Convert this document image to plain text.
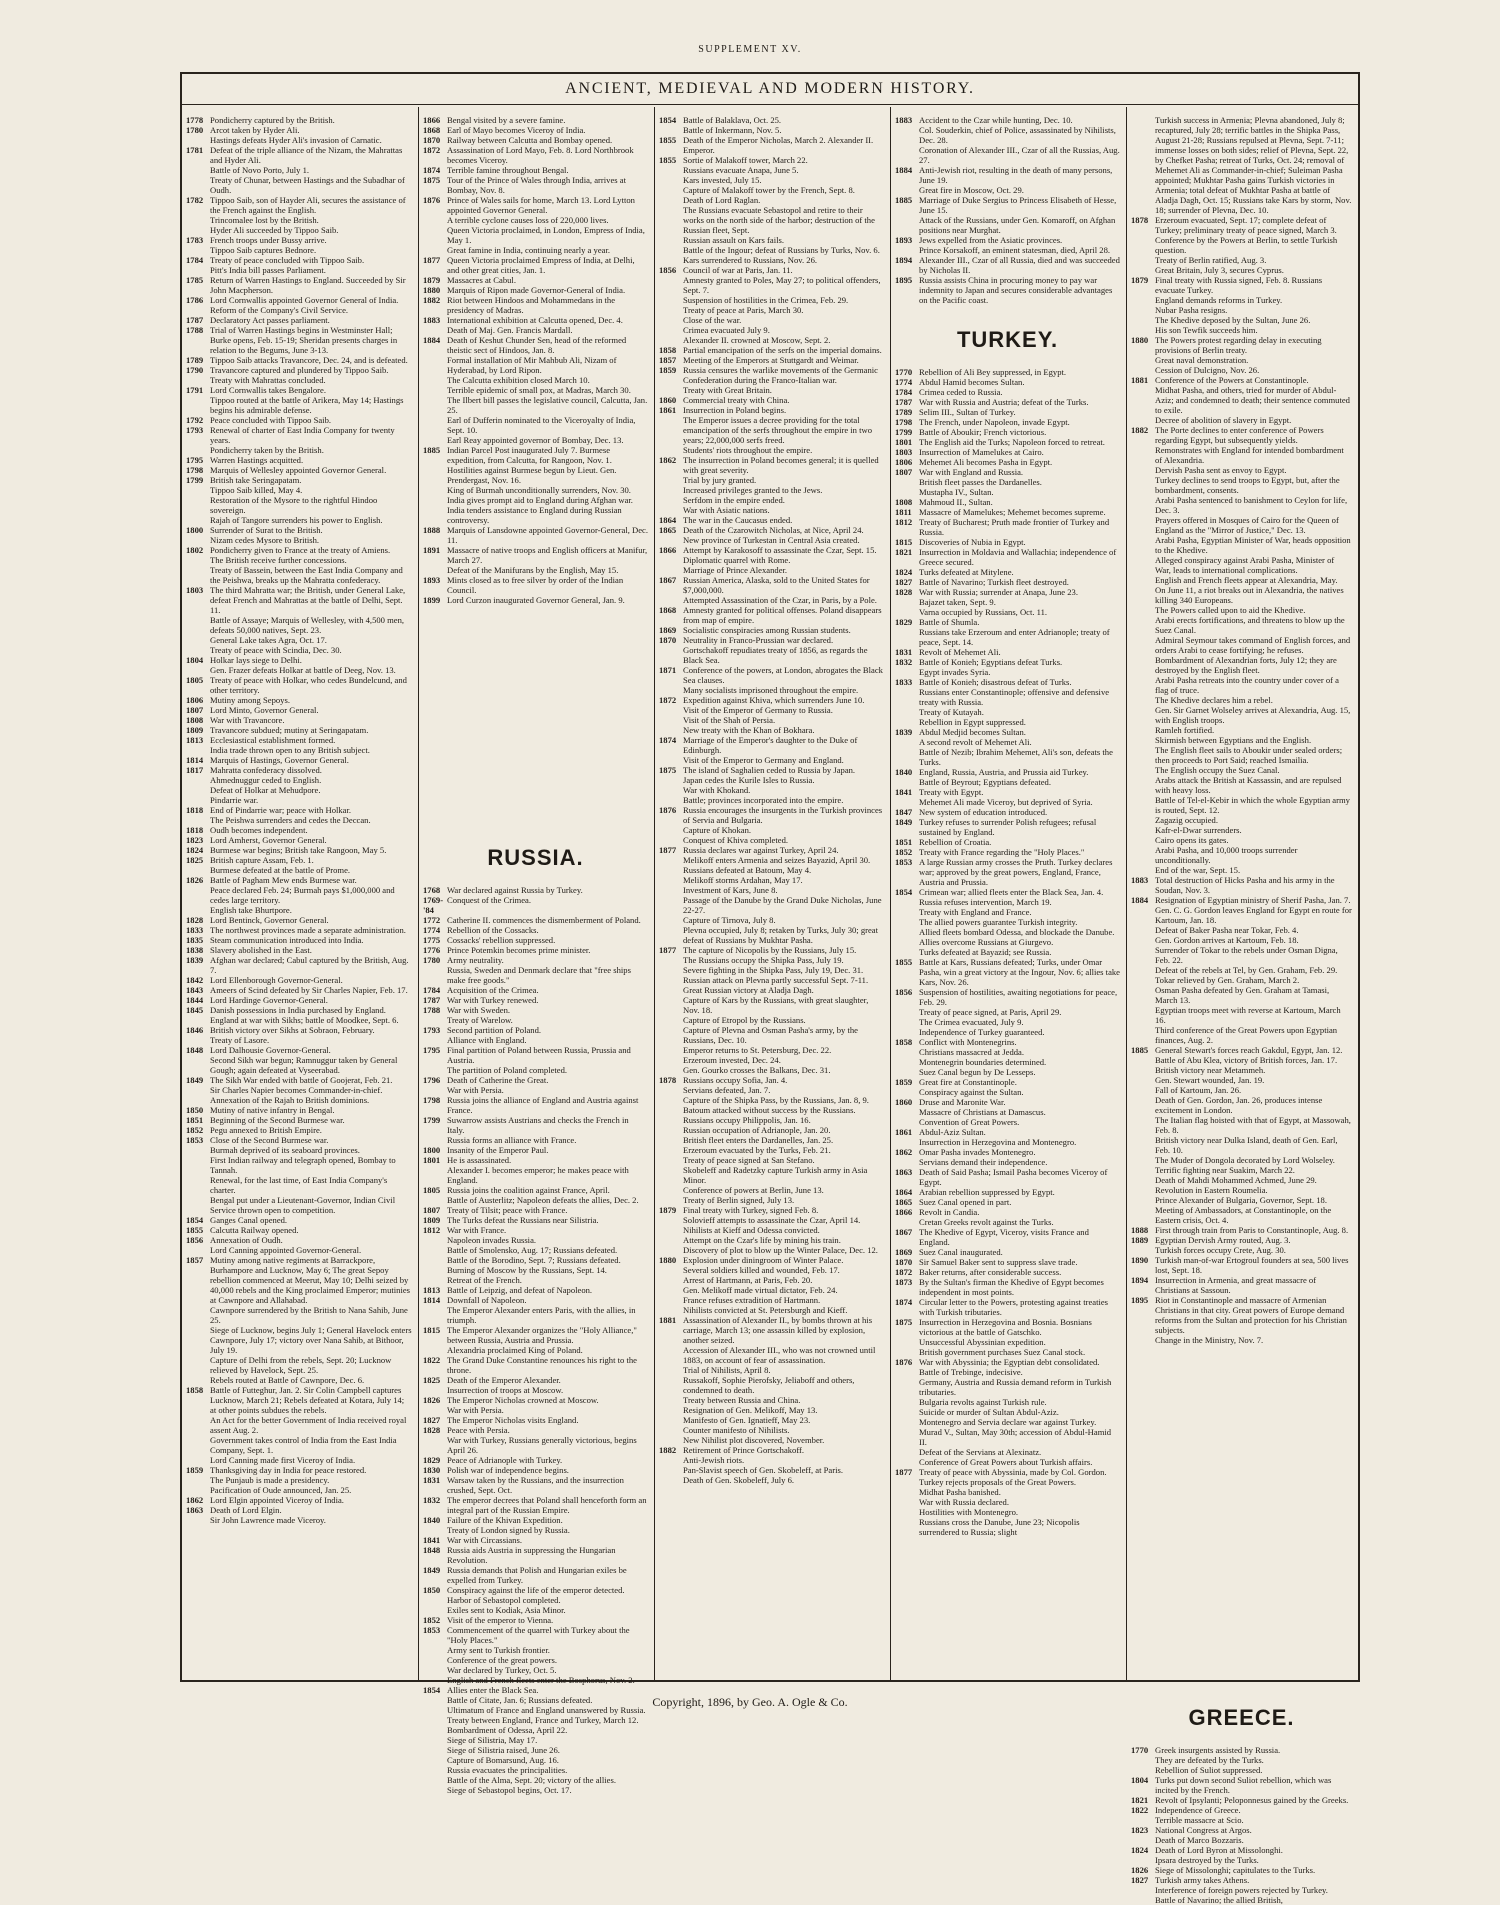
SUPPLEMENT XV.
ANCIENT, MEDIEVAL AND MODERN HISTORY.
1778 Pondicherry captured by the British.
1780 Arcot taken by Hyder Ali.
Hastings defeats Hyder Ali's invasion of Carnatic.
1781 Defeat of the triple alliance of the Nizam, the Mahrattas and Hyder Ali.
Battle of Novo Porto, July 1.
Treaty of Chunar, between Hastings and the Subadhar of Oudh.
1782 Tippoo Saib, son of Hayder Ali, secures the assistance of the French against the English.
Trincomalee lost by the British.
Hyder Ali succeeded by Tippoo Saib.
1783 French troops under Bussy arrive.
Tippoo Saib captures Bednore.
1784 Treaty of peace concluded with Tippoo Saib.
Pitt's India bill passes Parliament.
1785 Return of Warren Hastings to England. Succeeded by Sir John Macpherson.
1786 Lord Cornwallis appointed Governor General of India.
Reform of the Company's Civil Service.
1787 Declaratory Act passes parliament.
1788 Trial of Warren Hastings begins in Westminster Hall; Burke opens, Feb. 15-19; Sheridan presents charges in relation to the Begums, June 3-13.
1789 Tippoo Saib attacks Travancore, Dec. 24, and is defeated.
1790 Travancore captured and plundered by Tippoo Saib.
Treaty with Mahrattas concluded.
1791 Lord Cornwallis takes Bengalore.
Tippoo routed at the battle of Arikera, May 14; Hastings begins his admirable defense.
1792 Peace concluded with Tippoo Saib.
1793 Renewal of charter of East India Company for twenty years.
Pondicherry taken by the British.
1795 Warren Hastings acquitted.
1798 Marquis of Wellesley appointed Governor General.
1799 British take Seringapatam.
Tippoo Saib killed, May 4.
Restoration of the Mysore to the rightful Hindoo sovereign.
Rajah of Tangore surrenders his power to English.
1800 Surrender of Surat to the British.
Nizam cedes Mysore to British.
1802 Pondicherry given to France at the treaty of Amiens.
The British receive further concessions.
Treaty of Bassein, between the East India Company and the Peishwa, breaks up the Mahratta confederacy.
1803 The third Mahratta war; the British, under General Lake, defeat French and Mahrattas at the battle of Delhi, Sept. 11.
Battle of Assaye; Marquis of Wellesley, with 4,500 men, defeats 50,000 natives, Sept. 23.
General Lake takes Agra, Oct. 17.
Treaty of peace with Scindia, Dec. 30.
1804 Holkar lays siege to Delhi.
Gen. Frazer defeats Holkar at battle of Deeg, Nov. 13.
1805 Treaty of peace with Holkar, who cedes Bundelcund, and other territory.
1806 Mutiny among Sepoys.
1807 Lord Minto, Governor General.
1808 War with Travancore.
1809 Travancore subdued; mutiny at Seringapatam.
1813 Ecclesiastical establishment formed.
India trade thrown open to any British subject.
1814 Marquis of Hastings, Governor General.
1817 Mahratta confederacy dissolved.
Ahmednuggur ceded to English.
Defeat of Holkar at Mehudpore.
Pindarrie war.
1818 End of Pindarrie war; peace with Holkar.
The Peishwa surrenders and cedes the Deccan.
1818 Oudh becomes independent.
1823 Lord Amherst, Governor General.
1824 Burmese war begins; British take Rangoon, May 5.
1825 British capture Assam, Feb. 1.
Burmese defeated at the battle of Prome.
1826 Battle of Pagham Mew ends Burmese war.
Peace declared Feb. 24; Burmah pays $1,000,000 and cedes large territory.
English take Bhurtpore.
1828 Lord Bentinck, Governor General.
1833 The northwest provinces made a separate administration.
1835 Steam communication introduced into India.
1838 Slavery abolished in the East.
1839 Afghan war declared; Cabul captured by the British, Aug. 7.
1842 Lord Ellenborough Governor-General.
1843 Ameers of Scind defeated by Sir Charles Napier, Feb. 17.
1844 Lord Hardinge Governor-General.
1845 Danish possessions in India purchased by England.
England at war with Sikhs; battle of Moodkee, Sept. 6.
1846 British victory over Sikhs at Sobraon, February.
Treaty of Lasore.
1848 Lord Dalhousie Governor-General.
Second Sikh war begun; Ramnuggur taken by General Gough; again defeated at Vyseerabad.
1849 The Sikh War ended with battle of Goojerat, Feb. 21.
Sir Charles Napier becomes Commander-in-chief.
Annexation of the Rajah to British dominions.
1850 Mutiny of native infantry in Bengal.
1851 Beginning of the Second Burmese war.
1852 Pegu annexed to British Empire.
1853 Close of the Second Burmese war.
Burmah deprived of its seaboard provinces.
First Indian railway and telegraph opened, Bombay to Tannah.
Renewal, for the last time, of East India Company's charter.
Bengal put under a Lieutenant-Governor, Indian Civil Service thrown open to competition.
1854 Ganges Canal opened.
1855 Calcutta Railway opened.
1856 Annexation of Oudh.
Lord Canning appointed Governor-General.
1857 Mutiny among native regiments at Barrackpore, Burhampore and Lucknow, May 6; The great Sepoy rebellion commenced at Meerut, May 10; Delhi seized by 40,000 rebels and the King proclaimed Emperor; mutinies at Cawnpore and Allahabad.
Cawnpore surrendered by the British to Nana Sahib, June 25.
Siege of Lucknow, begins July 1; General Havelock enters Cawnpore, July 17; victory over Nana Sahib, at Bithoor, July 19.
Capture of Delhi from the rebels, Sept. 20; Lucknow relieved by Havelock, Sept. 25.
Rebels routed at Battle of Cawnpore, Dec. 6.
1858 Battle of Futteghur, Jan. 2. Sir Colin Campbell captures Lucknow, March 21; Rebels defeated at Kotara, July 14; at other points subdues the rebels.
An Act for the better Government of India received royal assent Aug. 2.
Government takes control of India from the East India Company, Sept. 1.
Lord Canning made first Viceroy of India.
1859 Thanksgiving day in India for peace restored.
The Punjaub is made a presidency.
Pacification of Oude announced, Jan. 25.
1862 Lord Elgin appointed Viceroy of India.
1863 Death of Lord Elgin.
Sir John Lawrence made Viceroy.
1866 Bengal visited by a severe famine.
1868 Earl of Mayo becomes Viceroy of India.
1870 Railway between Calcutta and Bombay opened.
1872 Assassination of Lord Mayo, Feb. 8. Lord Northbrook becomes Viceroy.
1874 Terrible famine throughout Bengal.
1875 Tour of the Prince of Wales through India, arrives at Bombay, Nov. 8.
1876 Prince of Wales sails for home, March 13. Lord Lytton appointed Governor General.
A terrible cyclone causes loss of 220,000 lives.
Queen Victoria proclaimed, in London, Empress of India, May 1.
Great famine in India, continuing nearly a year.
1877 Queen Victoria proclaimed Empress of India, at Delhi, and other great cities, Jan. 1.
1879 Massacres at Cabul.
1880 Marquis of Ripon made Governor-General of India.
1882 Riot between Hindoos and Mohammedans in the presidency of Madras.
1883 International exhibition at Calcutta opened, Dec. 4.
Death of Maj. Gen. Francis Mardall.
1884 Death of Keshut Chunder Sen, head of the reformed theistic sect of Hindoos, Jan. 8.
Formal installation of Mir Mahbub Ali, Nizam of Hyderabad, by Lord Ripon.
The Calcutta exhibition closed March 10.
Terrible epidemic of small pox, at Madras, March 30.
The Ilbert bill passes the legislative council, Calcutta, Jan. 25.
Earl of Dufferin nominated to the Viceroyalty of India, Sept. 10.
Earl Reay appointed governor of Bombay, Dec. 13.
1885 Indian Parcel Post inaugurated July 7. Burmese expedition, from Calcutta, for Rangoon, Nov. 1.
Hostilities against Burmese begun by Lieut. Gen. Prendergast, Nov. 16.
King of Burmah unconditionally surrenders, Nov. 30.
India gives prompt aid to England during Afghan war.
India tenders assistance to England during Russian controversy.
1888 Marquis of Lansdowne appointed Governor-General, Dec. 11.
1891 Massacre of native troops and English officers at Manifur, March 27.
Defeat of the Manifurans by the English, May 15.
1893 Mints closed as to free silver by order of the Indian Council.
1899 Lord Curzon inaugurated Governor General, Jan. 9.
RUSSIA.
1768 War declared against Russia by Turkey.
1769-'84
Conquest of the Crimea.
1772 Catherine II. commences the dismemberment of Poland.
1774 Rebellion of the Cossacks.
1775 Cossacks' rebellion suppressed.
1776 Prince Potemkin becomes prime minister.
1780 Army neutrality.
Russia, Sweden and Denmark declare that "free ships make free goods."
1784 Acquisition of the Crimea.
1787 War with Turkey renewed.
1788 War with Sweden.
Treaty of Warelow.
1793 Second partition of Poland.
Alliance with England.
1795 Final partition of Poland between Russia, Prussia and Austria.
The partition of Poland completed.
1796 Death of Catherine the Great.
War with Persia.
1798 Russia joins the alliance of England and Austria against France.
1799 Suwarrow assists Austrians and checks the French in Italy.
Russia forms an alliance with France.
1800 Insanity of the Emperor Paul.
1801 He is assassinated.
Alexander I. becomes emperor; he makes peace with England.
1805 Russia joins the coalition against France, April.
Battle of Austerlitz; Napoleon defeats the allies, Dec. 2.
1807 Treaty of Tilsit; peace with France.
1809 The Turks defeat the Russians near Silistria.
1812 War with France.
Napoleon invades Russia.
Battle of Smolensko, Aug. 17; Russians defeated.
Battle of the Borodino, Sept. 7; Russians defeated.
Burning of Moscow by the Russians, Sept. 14.
Retreat of the French.
1813 Battle of Leipzig, and defeat of Napoleon.
1814 Downfall of Napoleon.
The Emperor Alexander enters Paris, with the allies, in triumph.
1815 The Emperor Alexander organizes the "Holy Alliance," between Russia, Austria and Prussia.
Alexandria proclaimed King of Poland.
1822 The Grand Duke Constantine renounces his right to the throne.
1825 Death of the Emperor Alexander.
Insurrection of troops at Moscow.
1826 The Emperor Nicholas crowned at Moscow.
War with Persia.
1827 The Emperor Nicholas visits England.
1828 Peace with Persia.
War with Turkey, Russians generally victorious, begins April 26.
1829 Peace of Adrianople with Turkey.
1830 Polish war of independence begins.
1831 Warsaw taken by the Russians, and the insurrection crushed, Sept. Oct.
1832 The emperor decrees that Poland shall henceforth form an integral part of the Russian Empire.
1840 Failure of the Khivan Expedition.
Treaty of London signed by Russia.
1841 War with Circassians.
1848 Russia aids Austria in suppressing the Hungarian Revolution.
1849 Russia demands that Polish and Hungarian exiles be expelled from Turkey.
1850 Conspiracy against the life of the emperor detected.
Harbor of Sebastopol completed.
Exiles sent to Kodiak, Asia Minor.
1852 Visit of the emperor to Vienna.
1853 Commencement of the quarrel with Turkey about the "Holy Places."
Army sent to Turkish frontier.
Conference of the great powers.
War declared by Turkey, Oct. 5.
English and French fleets enter the Bosphorus, Nov. 2.
1854 Allies enter the Black Sea.
Battle of Citate, Jan. 6; Russians defeated.
Ultimatum of France and England unanswered by Russia.
Treaty between England, France and Turkey, March 12.
Bombardment of Odessa, April 22.
Siege of Silistria, May 17.
Siege of Silistria raised, June 26.
Capture of Bomarsund, Aug. 16.
Russia evacuates the principalities.
Battle of the Alma, Sept. 20; victory of the allies.
Siege of Sebastopol begins, Oct. 17.
1854 Battle of Balaklava, Oct. 25.
Battle of Inkermann, Nov. 5.
1855 Death of the Emperor Nicholas, March 2. Alexander II. Emperor.
1855 Sortie of Malakoff tower, March 22.
Russians evacuate Anapa, June 5.
Kars invested, July 15.
Capture of Malakoff tower by the French, Sept. 8.
Death of Lord Raglan.
The Russians evacuate Sebastopol and retire to their works on the north side of the harbor; destruction of the Russian fleet, Sept.
Russian assault on Kars fails.
Battle of the Ingour; defeat of Russians by Turks, Nov. 6.
Kars surrendered to Russians, Nov. 26.
1856 Council of war at Paris, Jan. 11.
Amnesty granted to Poles, May 27; to political offenders, Sept. 7.
Suspension of hostilities in the Crimea, Feb. 29.
Treaty of peace at Paris, March 30.
Close of the war.
Crimea evacuated July 9.
Alexander II. crowned at Moscow, Sept. 2.
1858 Partial emancipation of the serfs on the imperial domains.
1857 Meeting of the Emperors at Stuttgardt and Weimar.
1859 Russia censures the warlike movements of the Germanic Confederation during the Franco-Italian war.
Treaty with Great Britain.
1860 Commercial treaty with China.
1861 Insurrection in Poland begins.
The Emperor issues a decree providing for the total emancipation of the serfs throughout the empire in two years; 22,000,000 serfs freed.
Students' riots throughout the empire.
1862 The insurrection in Poland becomes general; it is quelled with great severity.
Trial by jury granted.
Increased privileges granted to the Jews.
Serfdom in the empire ended.
War with Asiatic nations.
1864 The war in the Caucasus ended.
1865 Death of the Czarowitch Nicholas, at Nice, April 24.
New province of Turkestan in Central Asia created.
1866 Attempt by Karakosoff to assassinate the Czar, Sept. 15.
Diplomatic quarrel with Rome.
Marriage of Prince Alexander.
1867 Russian America, Alaska, sold to the United States for $7,000,000.
Attempted Assassination of the Czar, in Paris, by a Pole.
1868 Amnesty granted for political offenses. Poland disappears from map of empire.
1869 Socialistic conspiracies among Russian students.
1870 Neutrality in Franco-Prussian war declared.
Gortschakoff repudiates treaty of 1856, as regards the Black Sea.
1871 Conference of the powers, at London, abrogates the Black Sea clauses.
Many socialists imprisoned throughout the empire.
1872 Expedition against Khiva, which surrenders June 10.
Visit of the Emperor of Germany to Russia.
Visit of the Shah of Persia.
New treaty with the Khan of Bokhara.
1874 Marriage of the Emperor's daughter to the Duke of Edinburgh.
Visit of the Emperor to Germany and England.
1875 The island of Saghalien ceded to Russia by Japan.
Japan cedes the Kurile Isles to Russia.
War with Khokand.
Battle; provinces incorporated into the empire.
1876 Russia encourages the insurgents in the Turkish provinces of Servia and Bulgaria.
Capture of Khokan.
Conquest of Khiva completed.
1877 Russia declares war against Turkey, April 24.
Melikoff enters Armenia and seizes Bayazid, April 30.
Russians defeated at Batoum, May 4.
Melikoff storms Ardahan, May 17.
Investment of Kars, June 8.
Passage of the Danube by the Grand Duke Nicholas, June 22-27.
Capture of Tirnova, July 8.
Plevna occupied, July 8; retaken by Turks, July 30; great defeat of Russians by Mukhtar Pasha.
1877 The capture of Nicopolis by the Russians, July 15.
The Russians occupy the Shipka Pass, July 19.
Severe fighting in the Shipka Pass, July 19, Dec. 31.
Russian attack on Plevna partly successful Sept. 7-11.
Great Russian victory at Aladja Dagh.
Capture of Kars by the Russians, with great slaughter, Nov. 18.
Capture of Etropol by the Russians.
Capture of Plevna and Osman Pasha's army, by the Russians, Dec. 10.
Emperor returns to St. Petersburg, Dec. 22.
Erzeroum invested, Dec. 24.
Gen. Gourko crosses the Balkans, Dec. 31.
1878 Russians occupy Sofia, Jan. 4.
Servians defeated, Jan. 7.
Capture of the Shipka Pass, by the Russians, Jan. 8, 9.
Batoum attacked without success by the Russians.
Russians occupy Philippolis, Jan. 16.
Russian occupation of Adrianople, Jan. 20.
British fleet enters the Dardanelles, Jan. 25.
Erzeroum evacuated by the Turks, Feb. 21.
Treaty of peace signed at San Stefano.
Skobeleff and Radetzky capture Turkish army in Asia Minor.
Conference of powers at Berlin, June 13.
Treaty of Berlin signed, July 13.
1879 Final treaty with Turkey, signed Feb. 8.
Solovieff attempts to assassinate the Czar, April 14.
Nihilists at Kieff and Odessa convicted.
Attempt on the Czar's life by mining his train.
Discovery of plot to blow up the Winter Palace, Dec. 12.
1880 Explosion under diningroom of Winter Palace.
Several soldiers killed and wounded, Feb. 17.
Arrest of Hartmann, at Paris, Feb. 20.
Gen. Melikoff made virtual dictator, Feb. 24.
France refuses extradition of Hartmann.
Nihilists convicted at St. Petersburgh and Kieff.
1881 Assassination of Alexander II., by bombs thrown at his carriage, March 13; one assassin killed by explosion, another seized.
Accession of Alexander III., who was not crowned until 1883, on account of fear of assassination.
Trial of Nihilists, April 8.
Russakoff, Sophie Pierofsky, Jeliaboff and others, condemned to death.
Treaty between Russia and China.
Resignation of Gen. Melikoff, May 13.
Manifesto of Gen. Ignatieff, May 23.
Counter manifesto of Nihilists.
New Nihilist plot discovered, November.
1882 Retirement of Prince Gortschakoff.
Anti-Jewish riots.
Pan-Slavist speech of Gen. Skobeleff, at Paris.
Death of Gen. Skobeleff, July 6.
1883 Accident to the Czar while hunting, Dec. 10.
Col. Souderkin, chief of Police, assassinated by Nihilists, Dec. 28.
Coronation of Alexander III., Czar of all the Russias, Aug. 27.
1884 Anti-Jewish riot, resulting in the death of many persons, June 19.
Great fire in Moscow, Oct. 29.
1885 Marriage of Duke Sergius to Princess Elisabeth of Hesse, June 15.
Attack of the Russians, under Gen. Komaroff, on Afghan positions near Murghat.
1893 Jews expelled from the Asiatic provinces.
Prince Korsakoff, an eminent statesman, died, April 28.
1894 Alexander III., Czar of all Russia, died and was succeeded by Nicholas II.
1895 Russia assists China in procuring money to pay war indemnity to Japan and secures considerable advantages on the Pacific coast.
TURKEY.
1770 Rebellion of Ali Bey suppressed, in Egypt.
1774 Abdul Hamid becomes Sultan.
1784 Crimea ceded to Russia.
1787 War with Russia and Austria; defeat of the Turks.
1789 Selim III., Sultan of Turkey.
1798 The French, under Napoleon, invade Egypt.
1799 Battle of Aboukir; French victorious.
1801 The English aid the Turks; Napoleon forced to retreat.
1803 Insurrection of Mamelukes at Cairo.
1806 Mehemet Ali becomes Pasha in Egypt.
1807 War with England and Russia.
British fleet passes the Dardanelles.
Mustapha IV., Sultan.
1808 Mahmoud II., Sultan.
1811 Massacre of Mamelukes; Mehemet becomes supreme.
1812 Treaty of Bucharest; Pruth made frontier of Turkey and Russia.
1815 Discoveries of Nubia in Egypt.
1821 Insurrection in Moldavia and Wallachia; independence of Greece secured.
1824 Turks defeated at Mitylene.
1827 Battle of Navarino; Turkish fleet destroyed.
1828 War with Russia; surrender at Anapa, June 23.
Bajazet taken, Sept. 9.
Varna occupied by Russians, Oct. 11.
1829 Battle of Shumla.
Russians take Erzeroum and enter Adrianople; treaty of peace, Sept. 14.
1831 Revolt of Mehemet Ali.
1832 Battle of Konieh; Egyptians defeat Turks.
Egypt invades Syria.
1833 Battle of Konieh; disastrous defeat of Turks.
Russians enter Constantinople; offensive and defensive treaty with Russia.
Treaty of Kutayah.
Rebellion in Egypt suppressed.
1839 Abdul Medjid becomes Sultan.
A second revolt of Mehemet Ali.
Battle of Nezib; Ibrahim Mehemet, Ali's son, defeats the Turks.
1840 England, Russia, Austria, and Prussia aid Turkey.
Battle of Beyrout; Egyptians defeated.
1841 Treaty with Egypt.
Mehemet Ali made Viceroy, but deprived of Syria.
1847 New system of education introduced.
1849 Turkey refuses to surrender Polish refugees; refusal sustained by England.
1851 Rebellion of Croatia.
1852 Treaty with France regarding the "Holy Places."
1853 A large Russian army crosses the Pruth. Turkey declares war; approved by the great powers, England, France, Austria and Prussia.
1854 Crimean war; allied fleets enter the Black Sea, Jan. 4.
Russia refuses intervention, March 19.
Treaty with England and France.
The allied powers guarantee Turkish integrity.
Allied fleets bombard Odessa, and blockade the Danube.
Allies overcome Russians at Giurgevo.
Turks defeated at Bayazid; see Russia.
1855 Battle at Kars, Russians defeated; Turks, under Omar Pasha, win a great victory at the Ingour, Nov. 6; allies take Kars, Nov. 26.
1856 Suspension of hostilities, awaiting negotiations for peace, Feb. 29.
Treaty of peace signed, at Paris, April 29.
The Crimea evacuated, July 9.
Independence of Turkey guaranteed.
1858 Conflict with Montenegrins.
Christians massacred at Jedda.
Montenegrin boundaries determined.
Suez Canal begun by De Lesseps.
1859 Great fire at Constantinople.
Conspiracy against the Sultan.
1860 Druse and Maronite War.
Massacre of Christians at Damascus.
Convention of Great Powers.
1861 Abdul-Aziz Sultan.
Insurrection in Herzegovina and Montenegro.
1862 Omar Pasha invades Montenegro.
Servians demand their independence.
1863 Death of Said Pasha; Ismail Pasha becomes Viceroy of Egypt.
1864 Arabian rebellion suppressed by Egypt.
1865 Suez Canal opened in part.
1866 Revolt in Candia.
Cretan Greeks revolt against the Turks.
1867 The Khedive of Egypt, Viceroy, visits France and England.
1869 Suez Canal inaugurated.
1870 Sir Samuel Baker sent to suppress slave trade.
1872 Baker returns, after considerable success.
1873 By the Sultan's firman the Khedive of Egypt becomes independent in most points.
1874 Circular letter to the Powers, protesting against treaties with Turkish tributaries.
1875 Insurrection in Herzegovina and Bosnia. Bosnians victorious at the battle of Gatschko.
Unsuccessful Abyssinian expedition.
British government purchases Suez Canal stock.
1876 War with Abyssinia; the Egyptian debt consolidated.
Battle of Trebinge, indecisive.
Germany, Austria and Russia demand reform in Turkish tributaries.
Bulgaria revolts against Turkish rule.
Suicide or murder of Sultan Abdul-Aziz.
Montenegro and Servia declare war against Turkey.
Murad V., Sultan, May 30th; accession of Abdul-Hamid II.
Defeat of the Servians at Alexinatz.
Conference of Great Powers about Turkish affairs.
1877 Treaty of peace with Abyssinia, made by Col. Gordon.
Turkey rejects proposals of the Great Powers.
Midhat Pasha banished.
War with Russia declared.
Hostilities with Montenegro.
Russians cross the Danube, June 23; Nicopolis surrendered to Russia; slight
Turkish success in Armenia; Plevna abandoned, July 8; recaptured, July 28; terrific battles in the Shipka Pass, August 21-28; Russians repulsed at Plevna, Sept. 7-11; immense losses on both sides; relief of Plevna, Sept. 22, by Chefket Pasha; retreat of Turks, Oct. 24; removal of Mehemet Ali as Commander-in-chief; Suleiman Pasha appointed; Mukhtar Pasha gains Turkish victories in Armenia; total defeat of Mukhtar Pasha at battle of Aladja Dagh, Oct. 15; Russians take Kars by storm, Nov. 18; surrender of Plevna, Dec. 10.
1878 Erzeroum evacuated, Sept. 17; complete defeat of Turkey; preliminary treaty of peace signed, March 3.
Conference by the Powers at Berlin, to settle Turkish question.
Treaty of Berlin ratified, Aug. 3.
Great Britain, July 3, secures Cyprus.
1879 Final treaty with Russia signed, Feb. 8. Russians evacuate Turkey.
England demands reforms in Turkey.
Nubar Pasha resigns.
The Khedive deposed by the Sultan, June 26.
His son Tewfik succeeds him.
1880 The Powers protest regarding delay in executing provisions of Berlin treaty.
Great naval demonstration.
Cession of Dulcigno, Nov. 26.
1881 Conference of the Powers at Constantinople.
Midhat Pasha, and others, tried for murder of Abdul-Aziz; and condemned to death; their sentence commuted to exile.
Decree of abolition of slavery in Egypt.
1882 The Porte declines to enter conference of Powers regarding Egypt, but subsequently yields.
Remonstrates with England for intended bombardment of Alexandria.
Dervish Pasha sent as envoy to Egypt.
Turkey declines to send troops to Egypt, but, after the bombardment, consents.
Arabi Pasha sentenced to banishment to Ceylon for life, Dec. 3.
Prayers offered in Mosques of Cairo for the Queen of England as the "Mirror of Justice," Dec. 13.
Arabi Pasha, Egyptian Minister of War, heads opposition to the Khedive.
Alleged conspiracy against Arabi Pasha, Minister of War, leads to international complications.
English and French fleets appear at Alexandria, May.
On June 11, a riot breaks out in Alexandria, the natives killing 340 Europeans.
The Powers called upon to aid the Khedive.
Arabi erects fortifications, and threatens to blow up the Suez Canal.
Admiral Seymour takes command of English forces, and orders Arabi to cease fortifying; he refuses.
Bombardment of Alexandrian forts, July 12; they are destroyed by the English fleet.
Arabi Pasha retreats into the country under cover of a flag of truce.
The Khedive declares him a rebel.
Gen. Sir Garnet Wolseley arrives at Alexandria, Aug. 15, with English troops.
Ramleh fortified.
Skirmish between Egyptians and the English.
The English fleet sails to Aboukir under sealed orders; then proceeds to Port Said; reached Ismailia.
The English occupy the Suez Canal.
Arabs attack the British at Kassassin, and are repulsed with heavy loss.
Battle of Tel-el-Kebir in which the whole Egyptian army is routed, Sept. 12.
Zagazig occupied.
Kafr-el-Dwar surrenders.
Cairo opens its gates.
Arabi Pasha, and 10,000 troops surrender unconditionally.
End of the war, Sept. 15.
1883 Total destruction of Hicks Pasha and his army in the Soudan, Nov. 3.
1884 Resignation of Egyptian ministry of Sherif Pasha, Jan. 7.
Gen. C. G. Gordon leaves England for Egypt en route for Kartoum, Jan. 18.
Defeat of Baker Pasha near Tokar, Feb. 4.
Gen. Gordon arrives at Kartoum, Feb. 18.
Surrender of Tokar to the rebels under Osman Digna, Feb. 22.
Defeat of the rebels at Tel, by Gen. Graham, Feb. 29.
Tokar relieved by Gen. Graham, March 2.
Osman Pasha defeated by Gen. Graham at Tamasi, March 13.
Egyptian troops meet with reverse at Kartoum, March 16.
Third conference of the Great Powers upon Egyptian finances, Aug. 2.
1885 General Stewart's forces reach Gakdul, Egypt, Jan. 12.
Battle of Abu Klea, victory of British forces, Jan. 17.
British victory near Metammeh.
Gen. Stewart wounded, Jan. 19.
Fall of Kartoum, Jan. 26.
Death of Gen. Gordon, Jan. 26, produces intense excitement in London.
The Italian flag hoisted with that of Egypt, at Massowah, Feb. 8.
British victory near Dulka Island, death of Gen. Earl, Feb. 10.
The Muder of Dongola decorated by Lord Wolseley.
Terrific fighting near Suakim, March 22.
Death of Mahdi Mohammed Achmed, June 29.
Revolution in Eastern Roumelia.
Prince Alexander of Bulgaria, Governor, Sept. 18.
Meeting of Ambassadors, at Constantinople, on the Eastern crisis, Oct. 4.
1888 First through train from Paris to Constantinople, Aug. 8.
1889 Egyptian Dervish Army routed, Aug. 3.
Turkish forces occupy Crete, Aug. 30.
1890 Turkish man-of-war Ertogroul founders at sea, 500 lives lost, Sept. 18.
1894 Insurrection in Armenia, and great massacre of Christians at Sassoun.
1895 Riot in Constantinople and massacre of Armenian Christians in that city. Great powers of Europe demand reforms from the Sultan and protection for his Christian subjects.
Change in the Ministry, Nov. 7.
GREECE.
1770 Greek insurgents assisted by Russia.
They are defeated by the Turks.
Rebellion of Suliot suppressed.
1804 Turks put down second Suliot rebellion, which was incited by the French.
1821 Revolt of Ipsylanti; Peloponnesus gained by the Greeks.
1822 Independence of Greece.
Terrible massacre at Scio.
1823 National Congress at Argos.
Death of Marco Bozzaris.
1824 Death of Lord Byron at Missolonghi.
Ipsara destroyed by the Turks.
1826 Siege of Missolonghi; capitulates to the Turks.
1827 Turkish army takes Athens.
Interference of foreign powers rejected by Turkey.
Battle of Navarino; the allied British,
Copyright, 1896, by Geo. A. Ogle & Co.
